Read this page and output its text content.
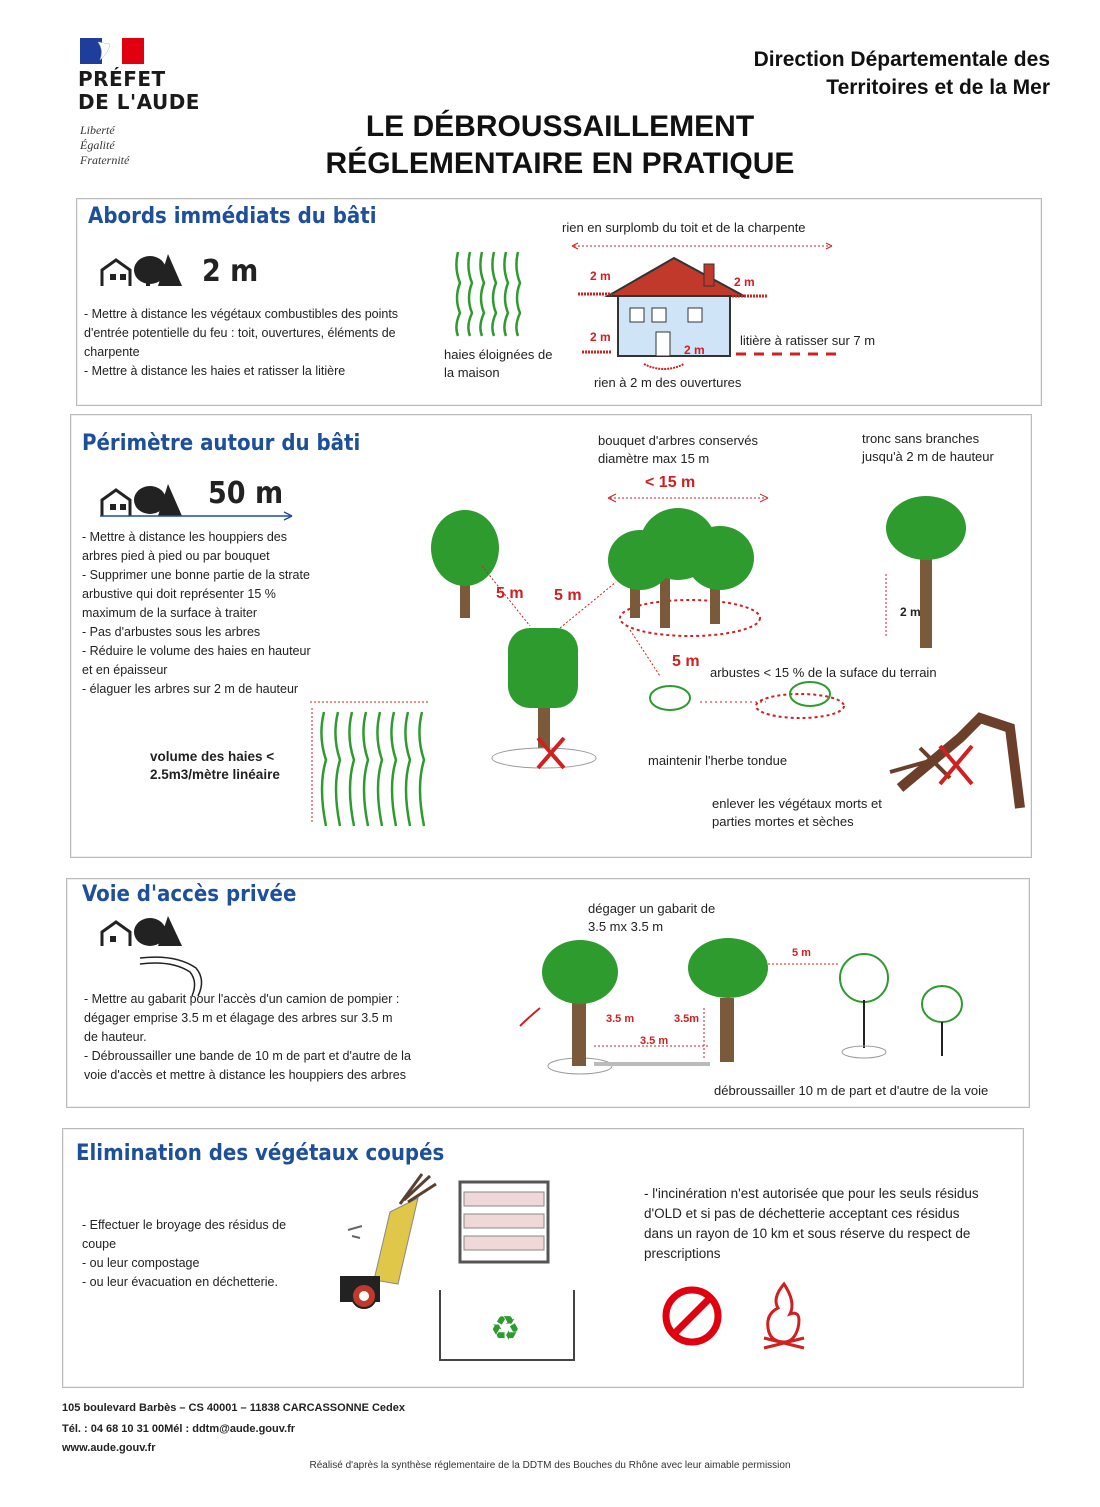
PRÉFET
DE L'AUDE
Liberté
Égalité
Fraternité
Direction Départementale des Territoires et de la Mer
LE DÉBROUSSAILLEMENT
RÉGLEMENTAIRE EN PRATIQUE
Abords immédiats du bâti
2 m
- Mettre à distance les végétaux combustibles des points d'entrée potentielle du feu : toit, ouvertures, éléments de charpente
- Mettre à distance les haies et ratisser la litière
haies éloignées de la maison
rien en surplomb du toit et de la charpente
2 m	2 m
2 m
2 m
litière à ratisser sur 7 m
rien à 2 m des ouvertures
Périmètre autour du bâti
50 m
- Mettre à distance les houppiers des arbres pied à pied ou par bouquet
- Supprimer une bonne partie de la strate arbustive qui doit représenter 15 % maximum de la surface à traiter
- Pas d'arbustes sous les arbres
- Réduire le volume des haies en hauteur et en épaisseur
- élaguer les arbres sur 2 m de hauteur
volume des haies < 2.5m3/mètre linéaire
bouquet d'arbres conservés diamètre max 15 m
< 15 m
tronc sans branches jusqu'à 2 m de hauteur
5 m 5 m
5 m
2 m
arbustes < 15 % de la suface du terrain
maintenir l'herbe tondue
enlever les végétaux morts et parties mortes et sèches
Voie d'accès privée
- Mettre au gabarit pour l'accès d'un camion de pompier : dégager emprise 3.5 m et élagage des arbres sur 3.5 m de hauteur.
- Débroussailler une bande de 10 m de part et d'autre de la voie d'accès et mettre à distance les houppiers des arbres
dégager un gabarit de 3.5 mx 3.5 m
3.5 m	3.5m
3.5 m
5 m
débroussailler 10 m de part et d'autre de la voie
Elimination des végétaux coupés
- Effectuer le broyage des résidus de coupe
- ou leur compostage
- ou leur évacuation en déchetterie.
♻
- l'incinération n'est autorisée que pour les seuls résidus d'OLD et si pas de déchetterie acceptant ces résidus dans un rayon de 10 km et sous réserve du respect de prescriptions
105 boulevard Barbès – CS 40001 – 11838 CARCASSONNE Cedex
Tél. : 04 68 10 31 00Mél : ddtm@aude.gouv.fr
www.aude.gouv.fr
Réalisé d'après la synthèse réglementaire de la DDTM des Bouches du Rhône avec leur aimable permission
